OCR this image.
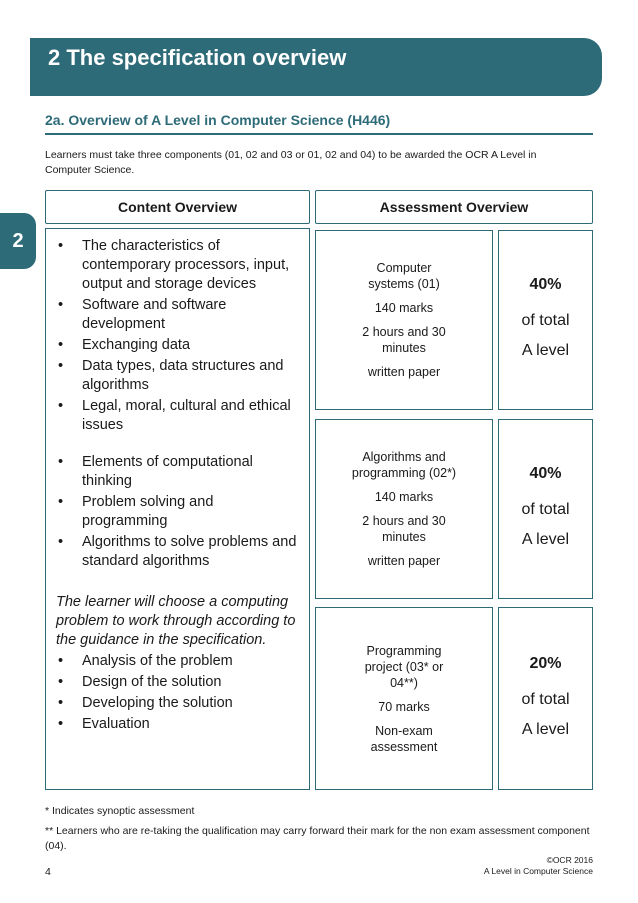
2 The specification overview
2
2a. Overview of A Level in Computer Science (H446)
Learners must take three components (01, 02 and 03 or 01, 02 and 04) to be awarded the OCR A Level in Computer Science.
Content Overview	Assessment Overview
• The characteristics of contemporary processors, input, output and storage devices
• Software and software development
• Exchanging data
• Data types, data structures and algorithms
• Legal, moral, cultural and ethical issues
• Elements of computational thinking
• Problem solving and programming
• Algorithms to solve problems and standard algorithms
The learner will choose a computing problem to work through according to the guidance in the specification.
• Analysis of the problem
• Design of the solution
• Developing the solution
• Evaluation
Computer systems (01)
140 marks
2 hours and 30 minutes
written paper
40%
of total
A level
Algorithms and programming (02*)
140 marks
2 hours and 30 minutes
written paper
40%
of total
A level
Programming project (03* or 04**)
70 marks
Non-exam assessment
20%
of total
A level
* Indicates synoptic assessment
** Learners who are re-taking the qualification may carry forward their mark for the non exam assessment component (04).
4
©OCR 2016
A Level in Computer Science
